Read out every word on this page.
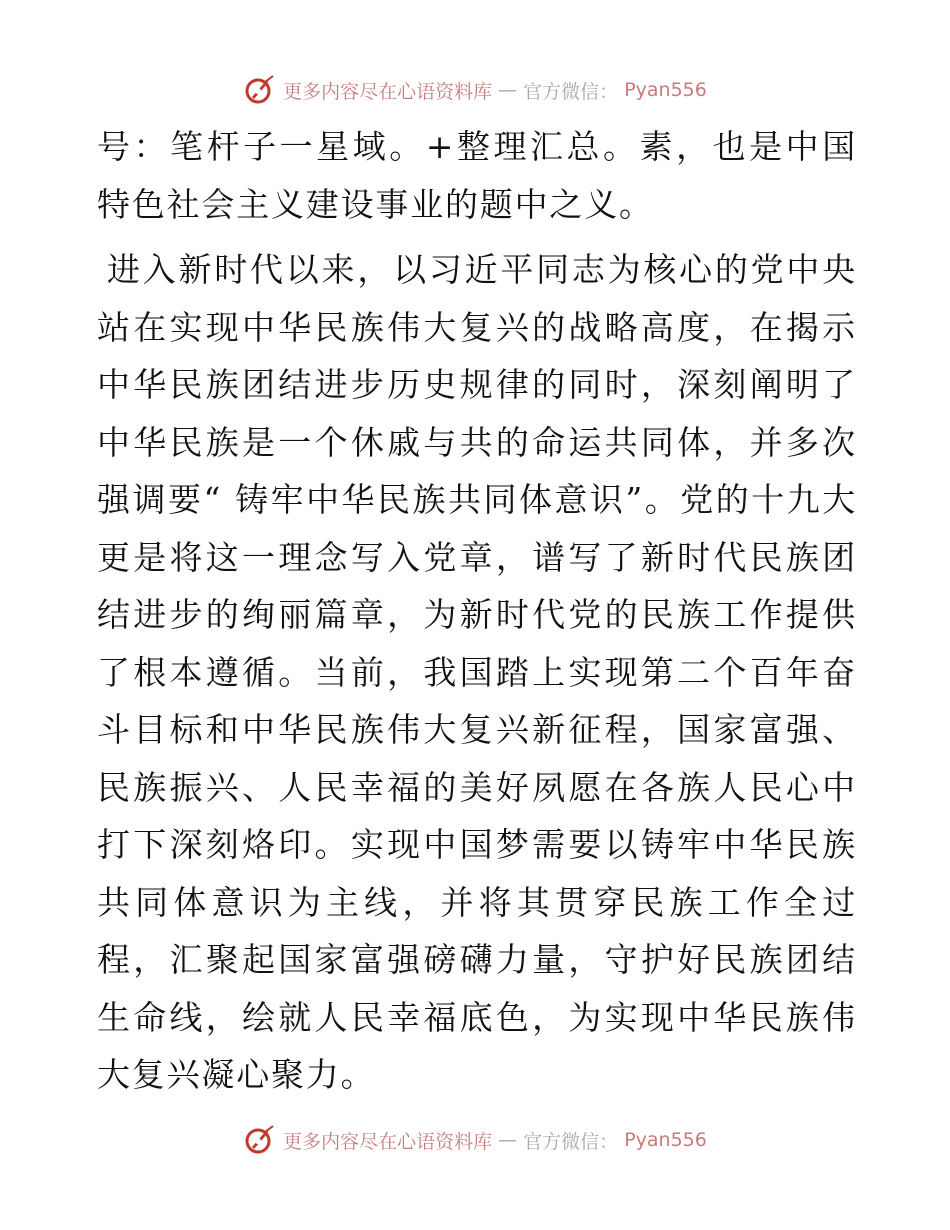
更多内容尽在心语资料库 — 官方微信： Pyan556

号：笔杆子一星域。+整理汇总。素，也是中国特色社会主义建设事业的题中之义。

进入新时代以来，以习近平同志为核心的党中央站在实现中华民族伟大复兴的战略高度，在揭示中华民族团结进步历史规律的同时，深刻阐明了中华民族是一个休戚与共的命运共同体，并多次强调要“ 铸牢中华民族共同体意识”。党的十九大更是将这一理念写入党章，谱写了新时代民族团结进步的绚丽篇章，为新时代党的民族工作提供了根本遵循。当前，我国踏上实现第二个百年奋斗目标和中华民族伟大复兴新征程，国家富强、民族振兴、人民幸福的美好夙愿在各族人民心中打下深刻烙印。实现中国梦需要以铸牢中华民族共同体意识为主线，并将其贯穿民族工作全过程，汇聚起国家富强磅礴力量，守护好民族团结生命线，绘就人民幸福底色，为实现中华民族伟大复兴凝心聚力。

更多内容尽在心语资料库 — 官方微信： Pyan556
